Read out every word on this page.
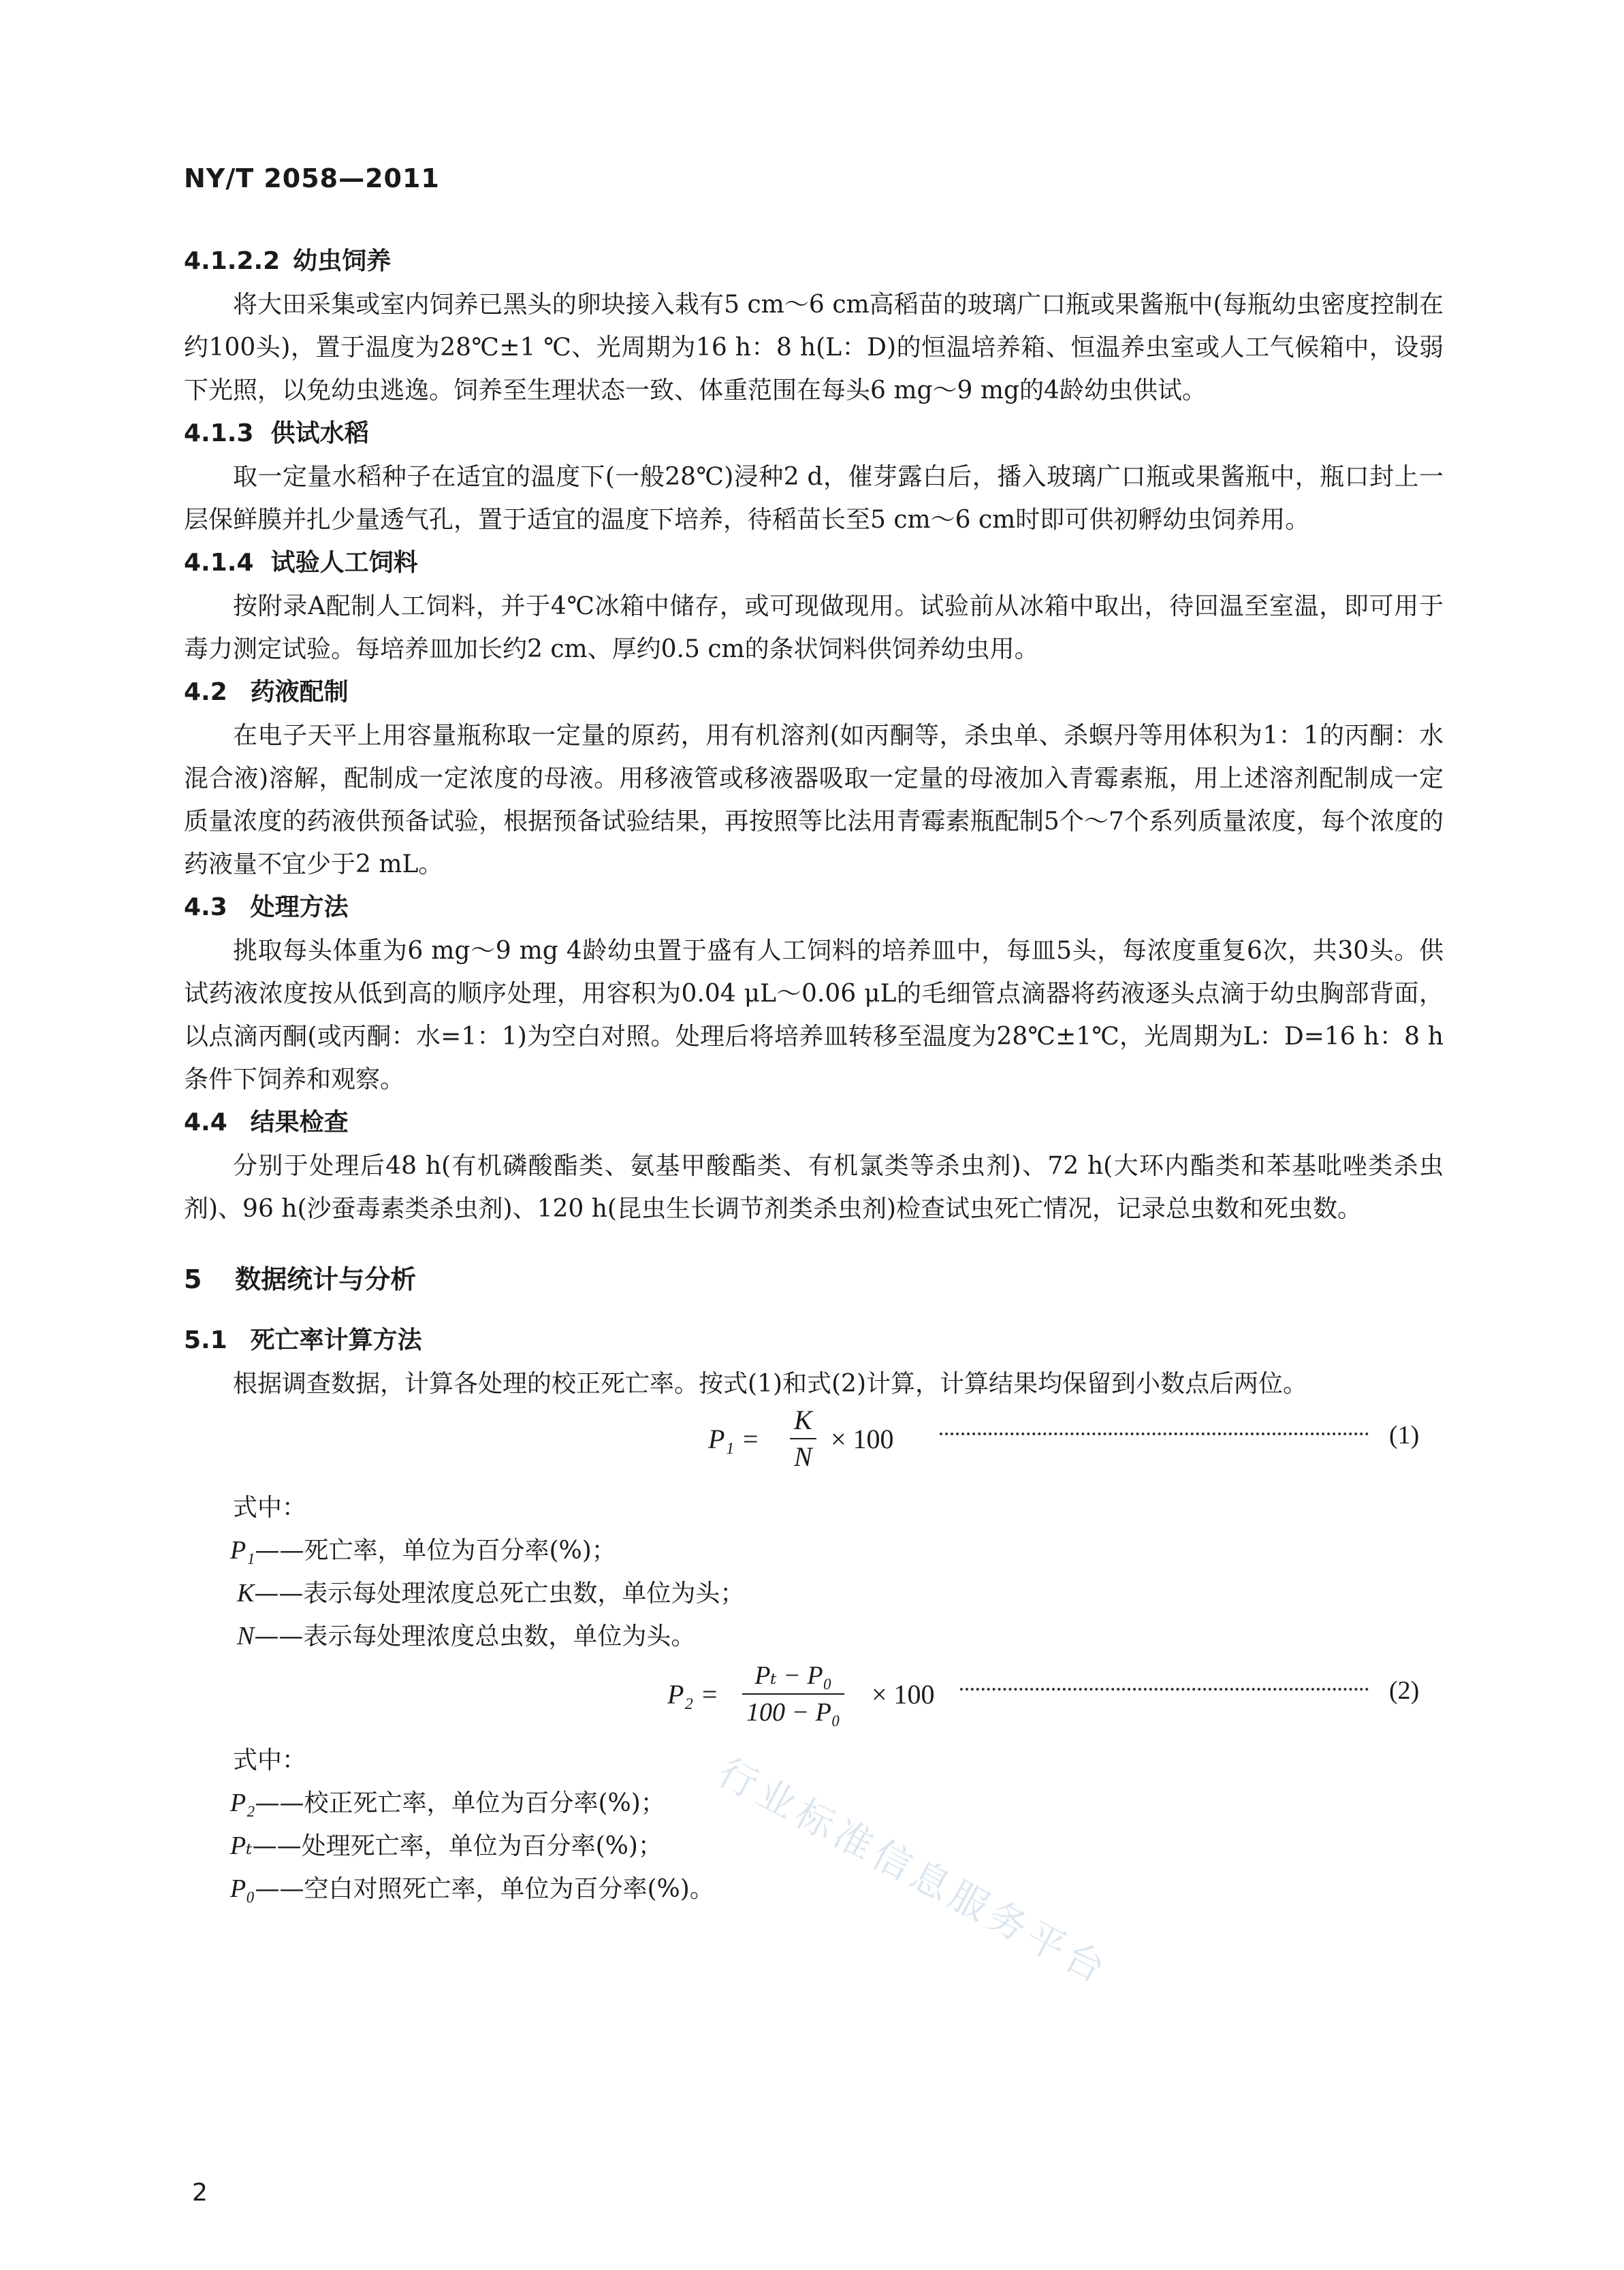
NY/T 2058—2011
4.1.2.2 幼虫饲养

将大田采集或室内饲养已黑头的卵块接入栽有5 cm～6 cm高稻苗的玻璃广口瓶或果酱瓶中(每瓶幼虫密度控制在约100头)，置于温度为28℃±1 ℃、光周期为16 h：8 h(L：D)的恒温培养箱、恒温养虫室或人工气候箱中，设弱下光照，以免幼虫逃逸。饲养至生理状态一致、体重范围在每头6 mg～9 mg的4龄幼虫供试。

4.1.3 供试水稻

取一定量水稻种子在适宜的温度下(一般28℃)浸种2 d，催芽露白后，播入玻璃广口瓶或果酱瓶中，瓶口封上一层保鲜膜并扎少量透气孔，置于适宜的温度下培养，待稻苗长至5 cm～6 cm时即可供初孵幼虫饲养用。

4.1.4 试验人工饲料

按附录A配制人工饲料，并于4℃冰箱中储存，或可现做现用。试验前从冰箱中取出，待回温至室温，即可用于毒力测定试验。每培养皿加长约2 cm、厚约0.5 cm的条状饲料供饲养幼虫用。

4.2 药液配制

在电子天平上用容量瓶称取一定量的原药，用有机溶剂(如丙酮等，杀虫单、杀螟丹等用体积为1：1的丙酮：水混合液)溶解，配制成一定浓度的母液。用移液管或移液器吸取一定量的母液加入青霉素瓶，用上述溶剂配制成一定质量浓度的药液供预备试验，根据预备试验结果，再按照等比法用青霉素瓶配制5个～7个系列质量浓度，每个浓度的药液量不宜少于2 mL。

4.3 处理方法

挑取每头体重为6 mg～9 mg 4龄幼虫置于盛有人工饲料的培养皿中，每皿5头，每浓度重复6次，共30头。供试药液浓度按从低到高的顺序处理，用容积为0.04 μL～0.06 μL的毛细管点滴器将药液逐头点滴于幼虫胸部背面，以点滴丙酮(或丙酮：水=1：1)为空白对照。处理后将培养皿转移至温度为28℃±1℃，光周期为L：D=16 h：8 h条件下饲养和观察。

4.4 结果检查

分别于处理后48 h(有机磷酸酯类、氨基甲酸酯类、有机氯类等杀虫剂)、72 h(大环内酯类和苯基吡唑类杀虫剂)、96 h(沙蚕毒素类杀虫剂)、120 h(昆虫生长调节剂类杀虫剂)检查试虫死亡情况，记录总虫数和死虫数。

5 数据统计与分析
5.1 死亡率计算方法

根据调查数据，计算各处理的校正死亡率。按式(1)和式(2)计算，计算结果均保留到小数点后两位。

$P_1 = \frac{K}{N} \times 100$	(1)
式中：
P₁——死亡率，单位为百分率(%)；
K——表示每处理浓度总死亡虫数，单位为头；
N——表示每处理浓度总虫数，单位为头。
$P_2 = \frac{\text{Pₜ − P₀}}{\text{100 − P₀}} \times 100$	(2)
式中：
P₂——校正死亡率，单位为百分率(%)；
Pₜ——处理死亡率，单位为百分率(%)；
P₀——空白对照死亡率，单位为百分率(%)。
行业标准信息服务平台
2
